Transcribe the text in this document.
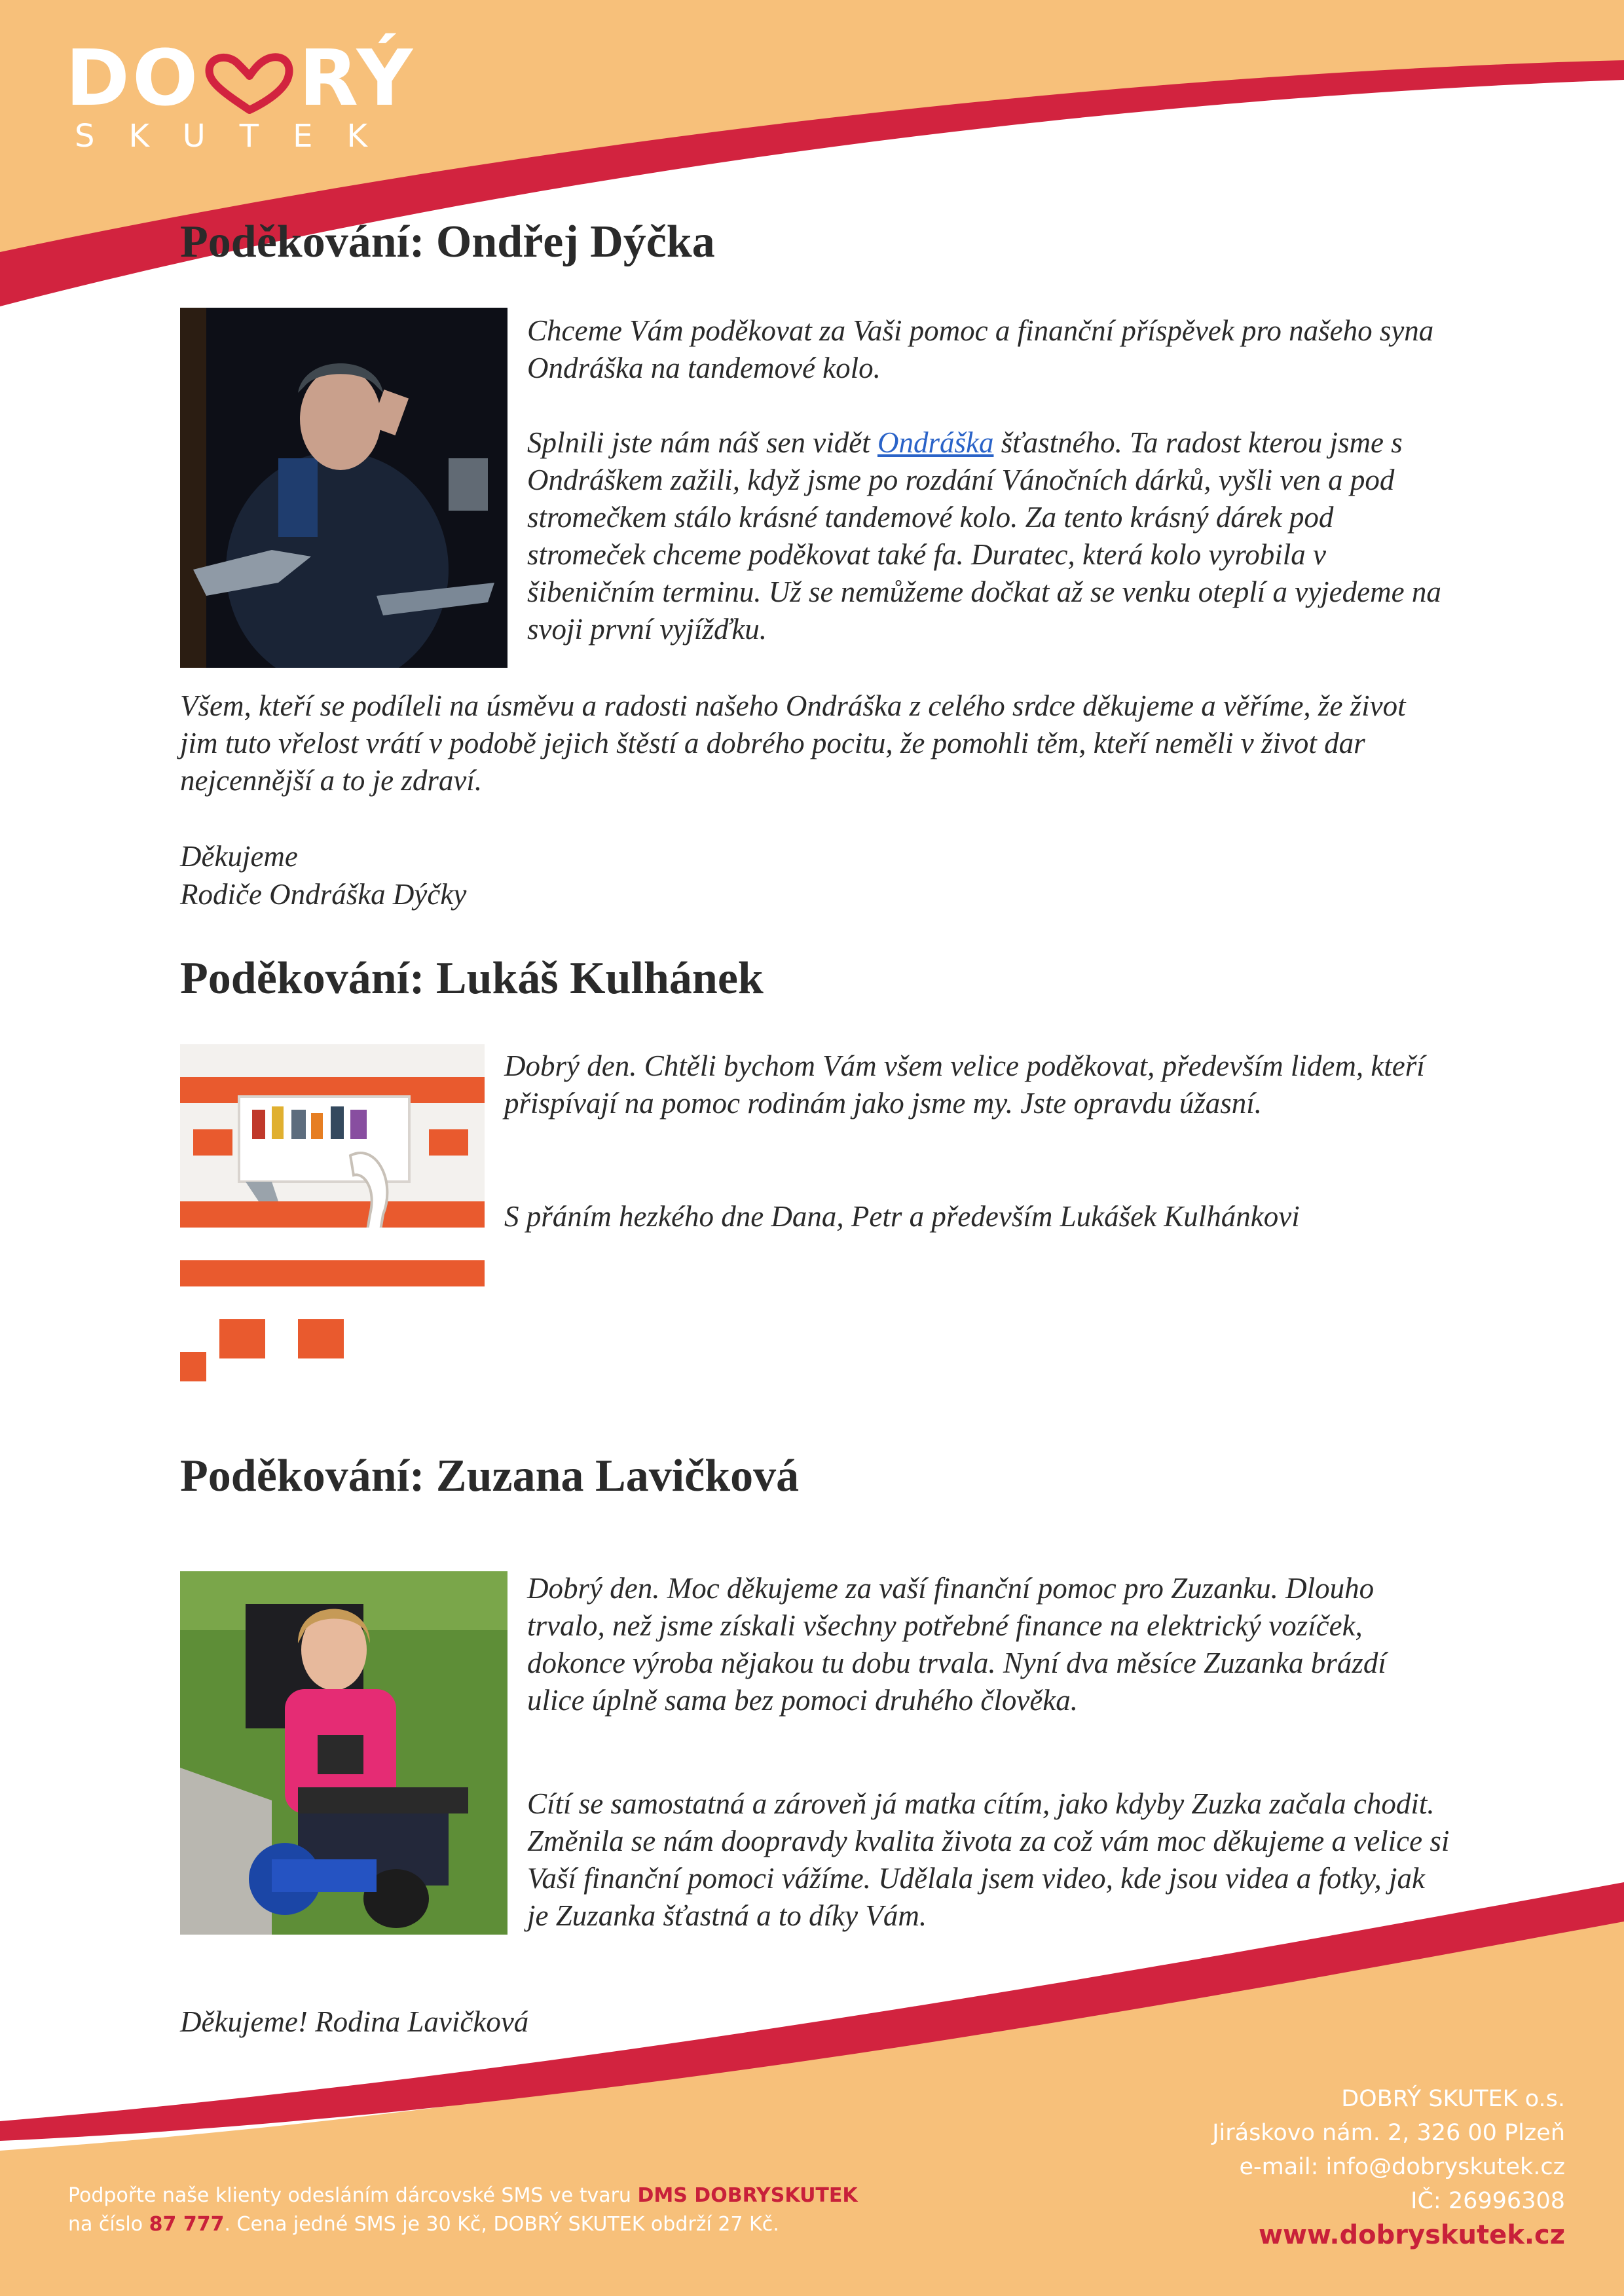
DO RÝ
SKUTEK
Poděkování: Ondřej Dýčka
Chceme Vám poděkovat za Vaši pomoc a finanční příspěvek pro našeho syna Ondráška na tandemové kolo.
Splnili jste nám náš sen vidět Ondráška šťastného. Ta radost kterou jsme s Ondráškem zažili, když jsme po rozdání Vánočních dárků, vyšli ven a pod stromečkem stálo krásné tandemové kolo. Za tento krásný dárek pod stromeček chceme poděkovat také fa. Duratec, která kolo vyrobila v šibeničním terminu. Už se nemůžeme dočkat až se venku oteplí a vyjedeme na svoji první vyjížďku.
Všem, kteří se podíleli na úsměvu a radosti našeho Ondráška z celého srdce děkujeme a věříme, že život jim tuto vřelost vrátí v podobě jejich štěstí a dobrého pocitu, že pomohli těm, kteří neměli v život dar nejcennější a to je zdraví.
Děkujeme
Rodiče Ondráška Dýčky
Poděkování: Lukáš Kulhánek
Dobrý den. Chtěli bychom Vám všem velice poděkovat, především lidem, kteří přispívají na pomoc rodinám jako jsme my. Jste opravdu úžasní.
S přáním hezkého dne Dana, Petr a především Lukášek Kulhánkovi
Poděkování: Zuzana Lavičková
Dobrý den. Moc děkujeme za vaší finanční pomoc pro Zuzanku. Dlouho trvalo, než jsme získali všechny potřebné finance na elektrický vozíček, dokonce výroba nějakou tu dobu trvala. Nyní dva měsíce Zuzanka brázdí ulice úplně sama bez pomoci druhého člověka.
Cítí se samostatná a zároveň já matka cítím, jako kdyby Zuzka začala chodit. Změnila se nám doopravdy kvalita života za což vám moc děkujeme a velice si Vaší finanční pomoci vážíme. Udělala jsem video, kde jsou videa a fotky, jak je Zuzanka šťastná a to díky Vám.
Děkujeme! Rodina Lavičková
DOBRÝ SKUTEK o.s.
Jiráskovo nám. 2, 326 00 Plzeň
e-mail: info@dobryskutek.cz
IČ: 26996308
www.dobryskutek.cz
Podpořte naše klienty odesláním dárcovské SMS ve tvaru DMS DOBRYSKUTEK
na číslo 87 777. Cena jedné SMS je 30 Kč, DOBRÝ SKUTEK obdrží 27 Kč.
